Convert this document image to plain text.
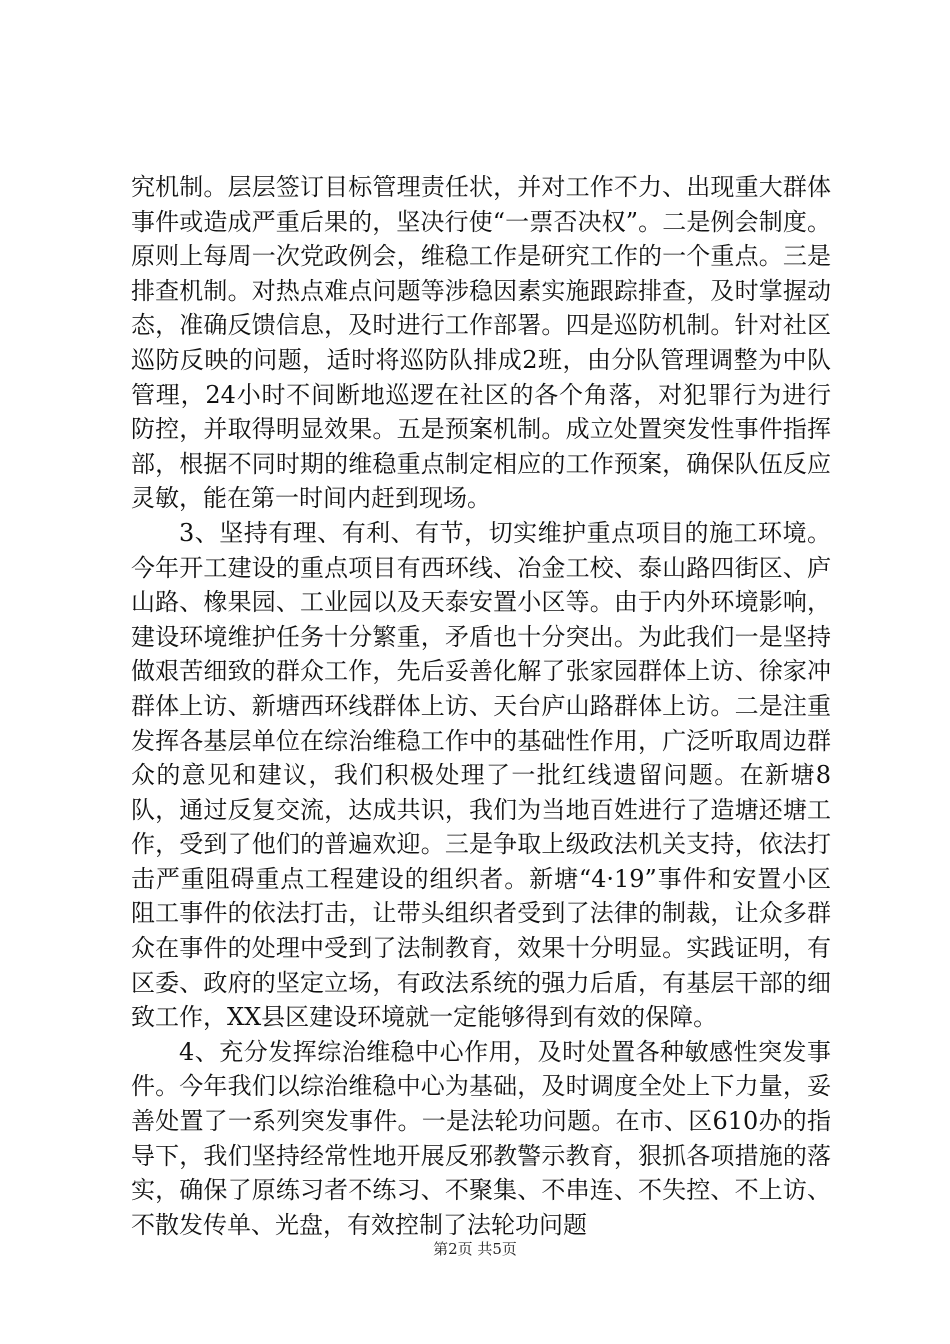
究机制。层层签订目标管理责任状，并对工作不力、出现重大群体事件或造成严重后果的，坚决行使“一票否决权”。二是例会制度。原则上每周一次党政例会，维稳工作是研究工作的一个重点。三是排查机制。对热点难点问题等涉稳因素实施跟踪排查，及时掌握动态，准确反馈信息，及时进行工作部署。四是巡防机制。针对社区巡防反映的问题，适时将巡防队排成2班，由分队管理调整为中队管理，24小时不间断地巡逻在社区的各个角落，对犯罪行为进行防控，并取得明显效果。五是预案机制。成立处置突发性事件指挥部，根据不同时期的维稳重点制定相应的工作预案，确保队伍反应灵敏，能在第一时间内赶到现场。

3、坚持有理、有利、有节，切实维护重点项目的施工环境。今年开工建设的重点项目有西环线、冶金工校、泰山路四街区、庐山路、橡果园、工业园以及天泰安置小区等。由于内外环境影响，建设环境维护任务十分繁重，矛盾也十分突出。为此我们一是坚持做艰苦细致的群众工作，先后妥善化解了张家园群体上访、徐家冲群体上访、新塘西环线群体上访、天台庐山路群体上访。二是注重发挥各基层单位在综治维稳工作中的基础性作用，广泛听取周边群众的意见和建议，我们积极处理了一批红线遗留问题。在新塘8队，通过反复交流，达成共识，我们为当地百姓进行了造塘还塘工作，受到了他们的普遍欢迎。三是争取上级政法机关支持，依法打击严重阻碍重点工程建设的组织者。新塘“4·19”事件和安置小区阻工事件的依法打击，让带头组织者受到了法律的制裁，让众多群众在事件的处理中受到了法制教育，效果十分明显。实践证明，有区委、政府的坚定立场，有政法系统的强力后盾，有基层干部的细致工作，XX县区建设环境就一定能够得到有效的保障。

4、充分发挥综治维稳中心作用，及时处置各种敏感性突发事件。今年我们以综治维稳中心为基础，及时调度全处上下力量，妥善处置了一系列突发事件。一是法轮功问题。在市、区610办的指导下，我们坚持经常性地开展反邪教警示教育，狠抓各项措施的落实，确保了原练习者不练习、不聚集、不串连、不失控、不上访、不散发传单、光盘，有效控制了法轮功问题

第2页 共5页
